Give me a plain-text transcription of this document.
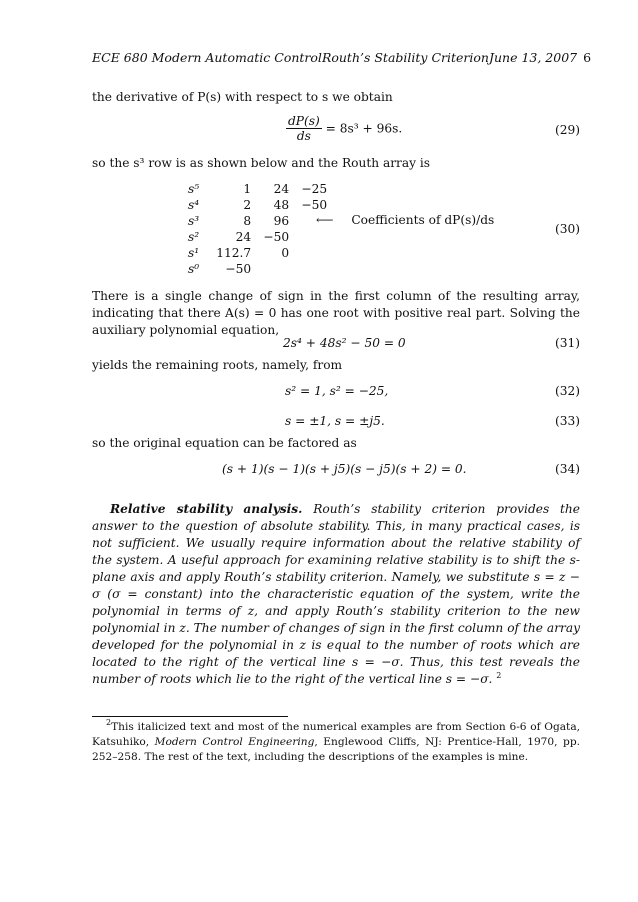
ECE 680 Modern Automatic Control Routh’s Stability Criterion June 13, 2007 6
the derivative of P(s) with respect to s we obtain
$\frac{dP(s)}{ds} = 8s^3 + 96s$.	(29)
so the s³ row is as shown below and the Routh array is
s⁵	1	24	−25
s⁴	2	48	−50
s³	8	96	
s²	24	−50	
s¹	112.7	0	
s⁰	−50		
⟵ Coefficients of dP(s)/ds
(30)
There is a single change of sign in the first column of the resulting array, indicating that there A(s) = 0 has one root with positive real part. Solving the auxiliary polynomial equation,
2s⁴ + 48s² − 50 = 0	(31)
yields the remaining roots, namely, from
s² = 1, s² = −25,	(32)
s = ±1, s = ±j5.	(33)
so the original equation can be factored as
(s + 1)(s − 1)(s + j5)(s − j5)(s + 2) = 0.	(34)
Relative stability analysis. Routh’s stability criterion provides the answer to the question of absolute stability. This, in many practical cases, is not sufficient. We usually require information about the relative stability of the system. A useful approach for examining relative stability is to shift the s-plane axis and apply Routh’s stability criterion. Namely, we substitute s = z − σ (σ = constant) into the characteristic equation of the system, write the polynomial in terms of z, and apply Routh’s stability criterion to the new polynomial in z. The number of changes of sign in the first column of the array developed for the polynomial in z is equal to the number of roots which are located to the right of the vertical line s = −σ. Thus, this test reveals the number of roots which lie to the right of the vertical line s = −σ. $^2$
$^2$This italicized text and most of the numerical examples are from Section 6-6 of Ogata, Katsuhiko, Modern Control Engineering, Englewood Cliffs, NJ: Prentice-Hall, 1970, pp. 252–258. The rest of the text, including the descriptions of the examples is mine.
